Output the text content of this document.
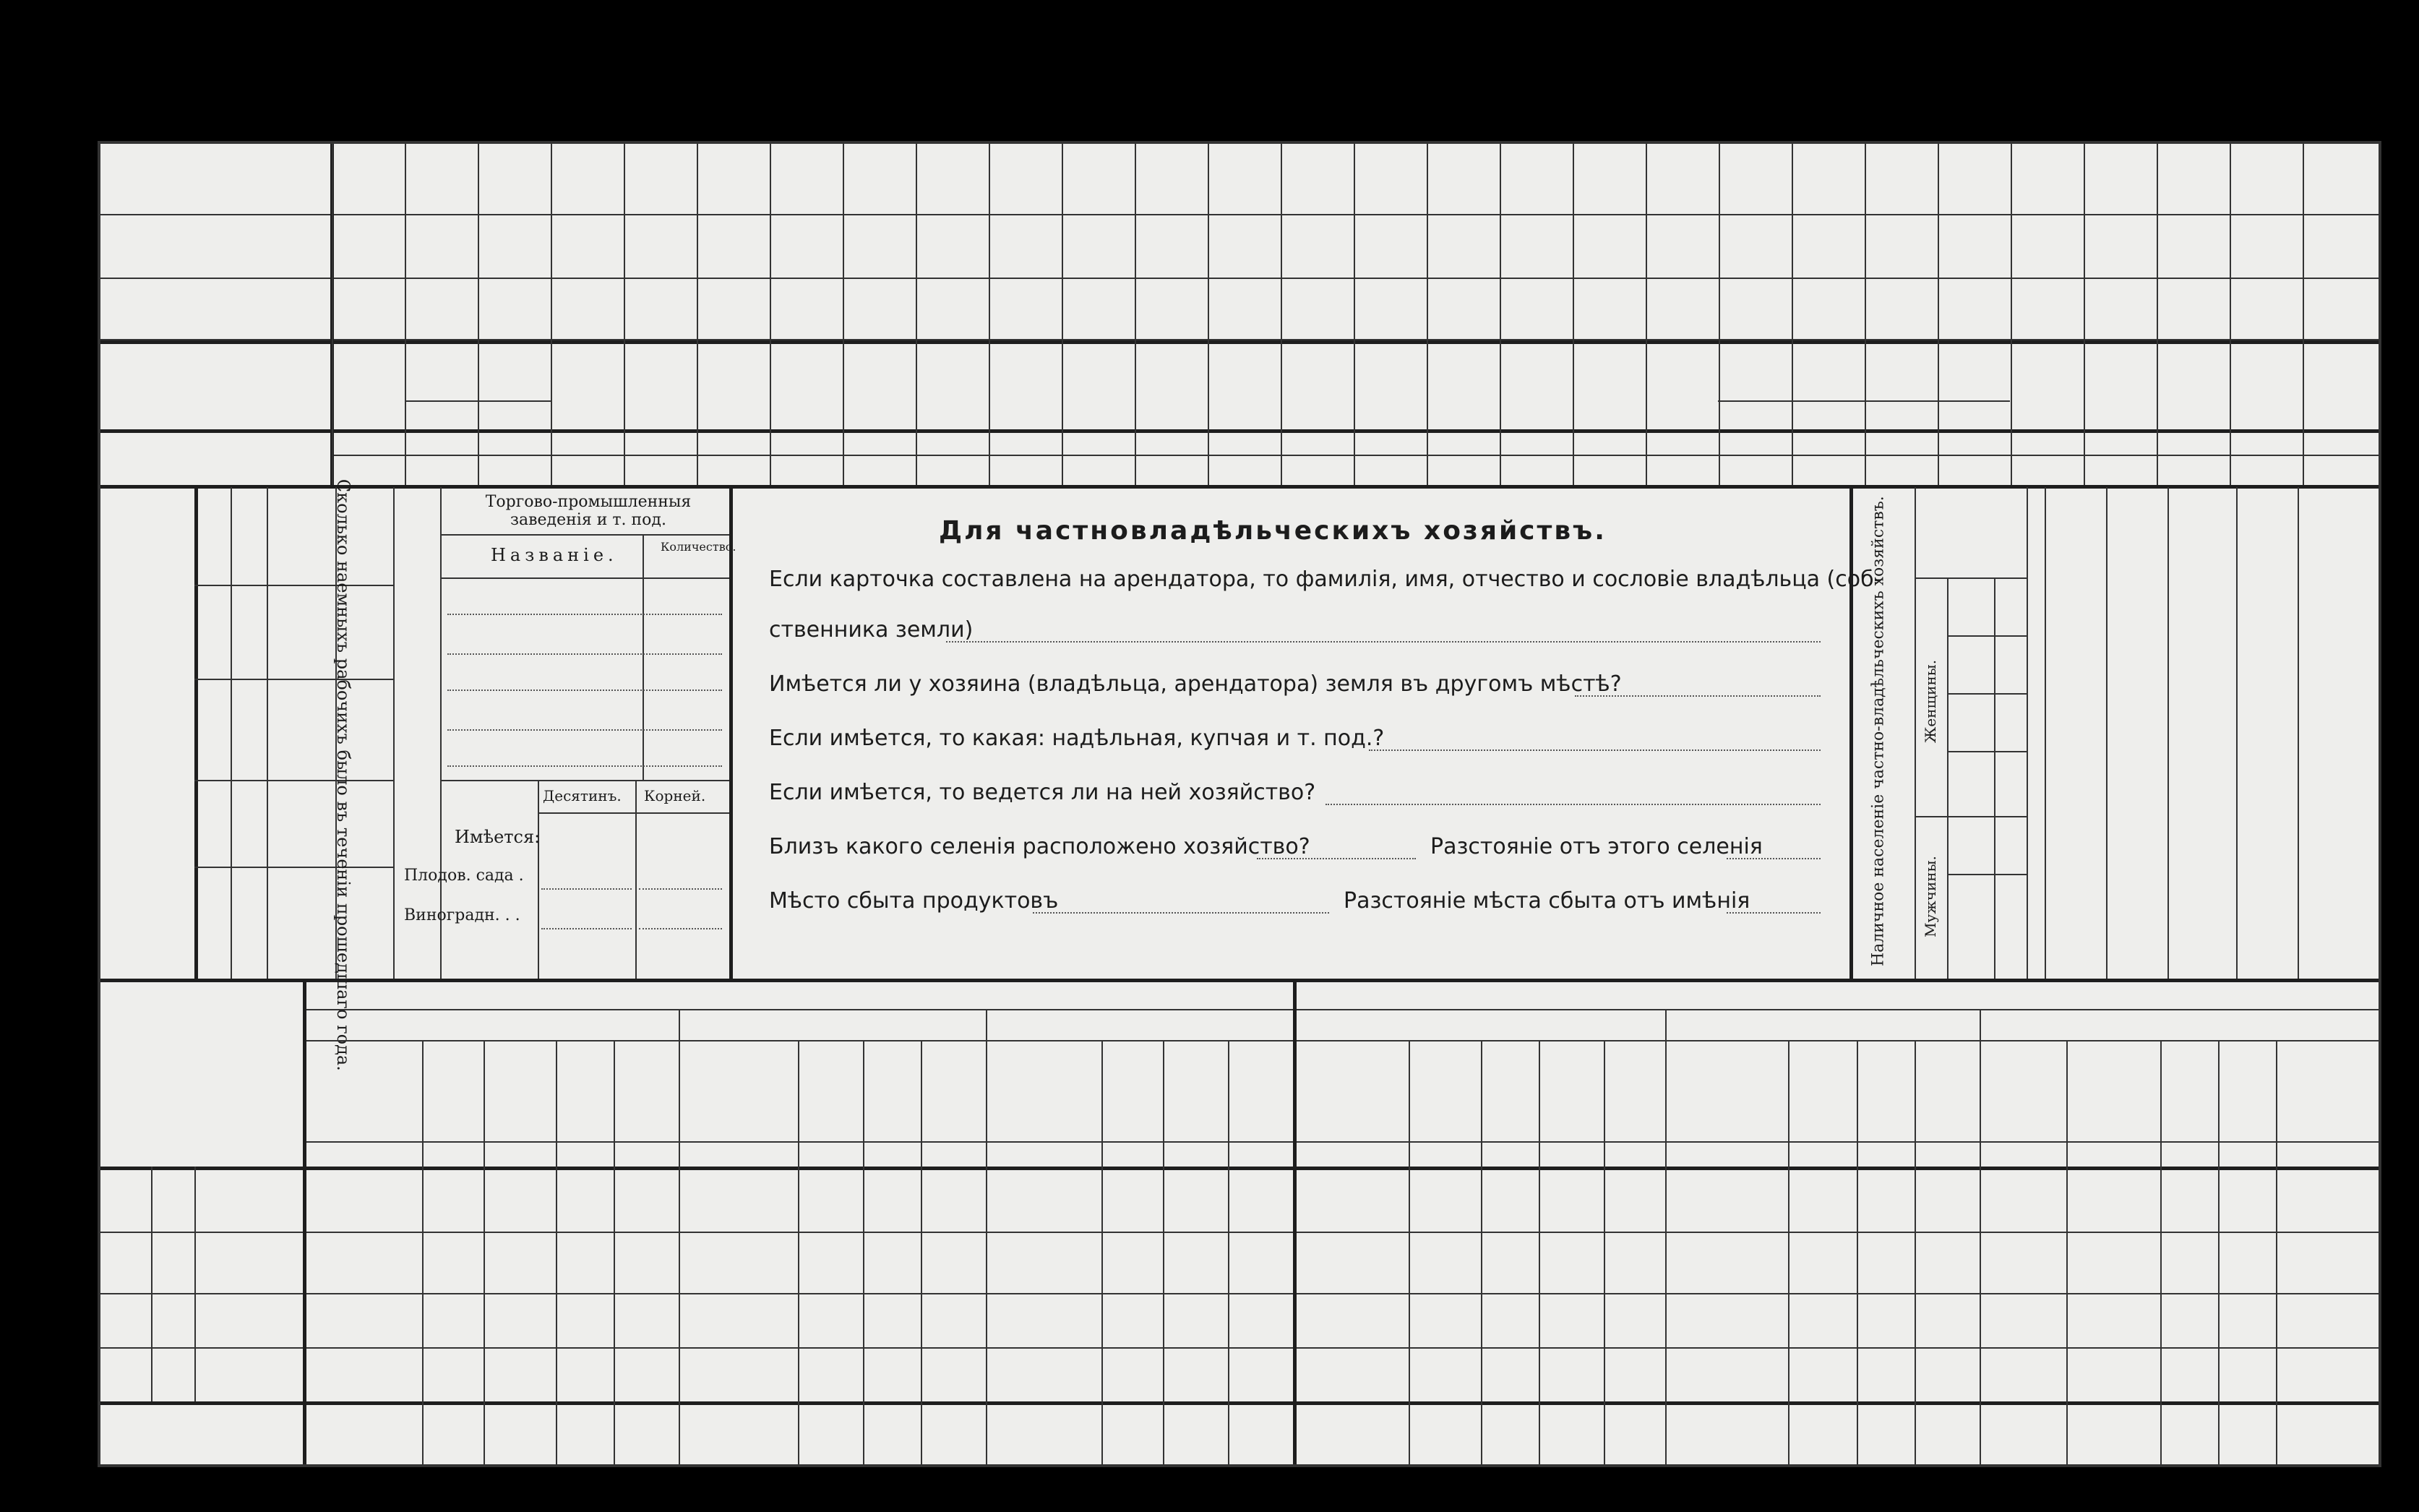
Сколько наемныхъ рабочихъ было въ теченіи прошедшаго года.	Торгово-промышленныя заведенія и т. под.
Названіе.	Количество.
Десятинъ. Корней.
Имѣется:
Плодов. сада .
Виноградн. . .
Для частновладѣльческихъ хозяйствъ.
Если карточка составлена на арендатора, то фамилія, имя, отчество и сословіе владѣльца (соб-
ственника земли)
Имѣется ли у хозяина (владѣльца, арендатора) земля въ другомъ мѣстѣ?
Если имѣется, то какая: надѣльная, купчая и т. под.?
Если имѣется, то ведется ли на ней хозяйство?
Близъ какого селенія расположено хозяйство?	Разстояніе отъ этого селенія
Мѣсто сбыта продуктовъ	Разстояніе мѣста сбыта отъ имѣнія	Наличное населеніе частно-владѣльческихъ хозяйствъ. Мужчины.
Женщины.
